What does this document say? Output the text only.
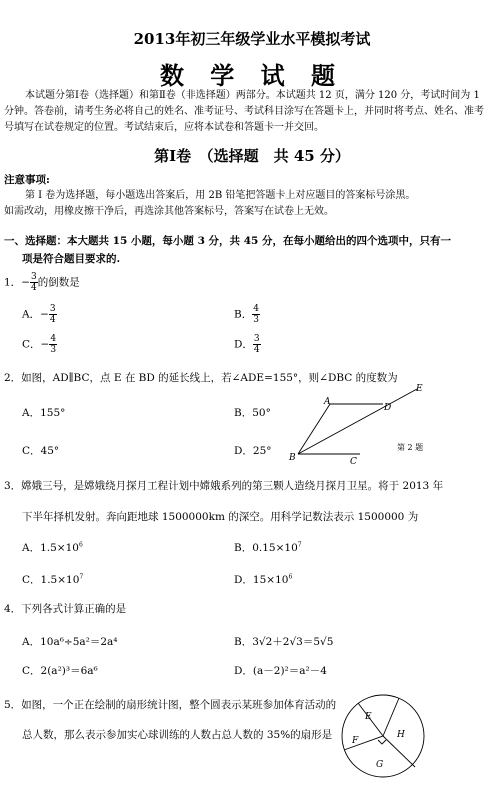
2013年初三年级学业水平模拟考试
数 学 试 题
本试题分第Ⅰ卷（选择题）和第Ⅱ卷（非选择题）两部分。本试题共 12 页，满分 120 分，考试时间为 1
分钟。答卷前，请考生务必将自己的姓名、准考证号、考试科目涂写在答题卡上，并同时将考点、姓名、准考
号填写在试卷规定的位置。考试结束后，应将本试卷和答题卡一并交回。
第Ⅰ卷　（选择题　共 45 分）
注意事项:
第 Ⅰ 卷为选择题，每小题选出答案后，用 2B 铅笔把答题卡上对应题目的答案标号涂黑。
如需改动，用橡皮擦干净后，再选涂其他答案标号，答案写在试卷上无效。
一、选择题：本大题共 15 小题，每小题 3 分，共 45 分，在每小题给出的四个选项中，只有一
项是符合题目要求的.
1．− $\frac{3}{4}$ 的倒数是
A．− $\frac{3}{4}$	B． $\frac{4}{3}$
C．− $\frac{4}{3}$	D． $\frac{3}{4}$
2．如图，AD∥BC，点 E 在 BD 的延长线上，若∠ADE=155°，则∠DBC 的度数为
A．155°	B．50°
C．45°	D．25°
A
D
E
B	C
第 2 题
3．嫦娥三号，是嫦娥绕月探月工程计划中嫦娥系列的第三颗人造绕月探月卫星。将于 2013 年
下半年择机发射。奔向距地球 1500000km 的深空。用科学记数法表示 1500000 为
A．$1.5\times 10^6$	B．$0.15\times 10^7$
C．$1.5\times 10^7$	D．$15\times 10^6$
4．下列各式计算正确的是
A．10a⁶÷5a²＝2a⁴	B．3√2＋2√3＝5√5
C．2(a²)³＝6a⁶	D．(a－2)²＝a²－4
5．如图，一个正在绘制的扇形统计图，整个圆表示某班参加体育活动的
总人数，那么表示参加实心球训练的人数占总人数的 35%的扇形是
E
F
G
H
